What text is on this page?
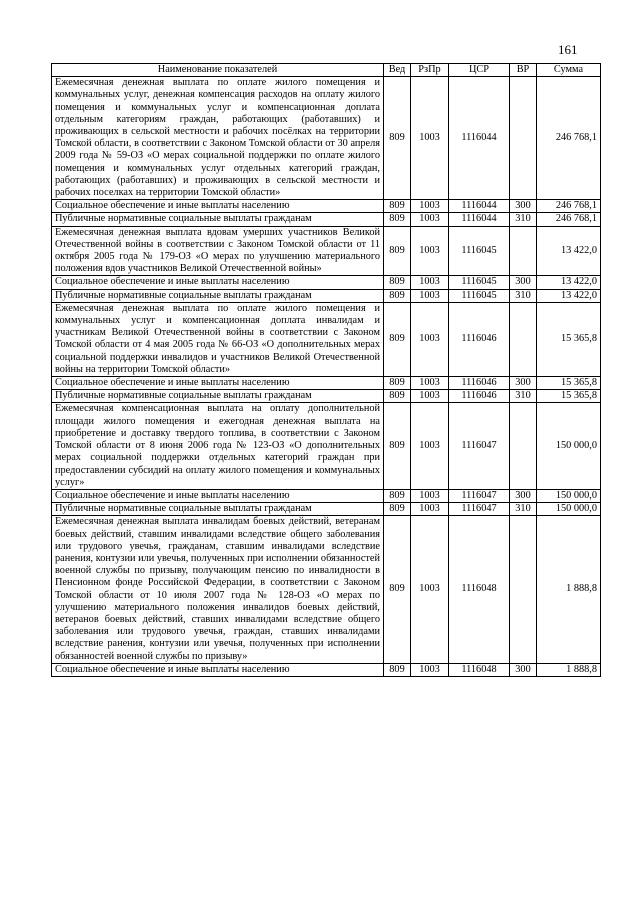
161
Наименование показателей	Вед	РзПр	ЦСР	ВР	Сумма
Ежемесячная денежная выплата по оплате жилого помещения и коммунальных услуг, денежная компенсация расходов на оплату жилого помещения и коммунальных услуг и компенсационная доплата отдельным категориям граждан, работающих (работавших) и проживающих в сельской местности и рабочих посёлках на территории Томской области, в соответствии с Законом Томской области от 30 апреля 2009 года № 59-ОЗ «О мерах социальной поддержки по оплате жилого помещения и коммунальных услуг отдельных категорий граждан, работающих (работавших) и проживающих в сельской местности и рабочих поселках на территории Томской области»	809	1003	1116044		246 768,1
Социальное обеспечение и иные выплаты населению	809	1003	1116044	300	246 768,1
Публичные нормативные социальные выплаты гражданам	809	1003	1116044	310	246 768,1
Ежемесячная денежная выплата вдовам умерших участников Великой Отечественной войны в соответствии с Законом Томской области от 11 октября 2005 года № 179-ОЗ «О мерах по улучшению материального положения вдов участников Великой Отечественной войны»	809	1003	1116045		13 422,0
Социальное обеспечение и иные выплаты населению	809	1003	1116045	300	13 422,0
Публичные нормативные социальные выплаты гражданам	809	1003	1116045	310	13 422,0
Ежемесячная денежная выплата по оплате жилого помещения и коммунальных услуг и компенсационная доплата инвалидам и участникам Великой Отечественной войны в соответствии с Законом Томской области от 4 мая 2005 года № 66-ОЗ «О дополнительных мерах социальной поддержки инвалидов и участников Великой Отечественной войны на территории Томской области»	809	1003	1116046		15 365,8
Социальное обеспечение и иные выплаты населению	809	1003	1116046	300	15 365,8
Публичные нормативные социальные выплаты гражданам	809	1003	1116046	310	15 365,8
Ежемесячная компенсационная выплата на оплату дополнительной площади жилого помещения и ежегодная денежная выплата на приобретение и доставку твердого топлива, в соответствии с Законом Томской области от 8 июня 2006 года № 123-ОЗ «О дополнительных мерах социальной поддержки отдельных категорий граждан при предоставлении субсидий на оплату жилого помещения и коммунальных услуг»	809	1003	1116047		150 000,0
Социальное обеспечение и иные выплаты населению	809	1003	1116047	300	150 000,0
Публичные нормативные социальные выплаты гражданам	809	1003	1116047	310	150 000,0
Ежемесячная денежная выплата инвалидам боевых действий, ветеранам боевых действий, ставшим инвалидами вследствие общего заболевания или трудового увечья, гражданам, ставшим инвалидами вследствие ранения, контузии или увечья, полученных при исполнении обязанностей военной службы по призыву, получающим пенсию по инвалидности в Пенсионном фонде Российской Федерации, в соответствии с Законом Томской области от 10 июля 2007 года № 128-ОЗ «О мерах по улучшению материального положения инвалидов боевых действий, ветеранов боевых действий, ставших инвалидами вследствие общего заболевания или трудового увечья, граждан, ставших инвалидами вследствие ранения, контузии или увечья, полученных при исполнении обязанностей военной службы по призыву»	809	1003	1116048		1 888,8
Социальное обеспечение и иные выплаты населению	809	1003	1116048	300	1 888,8
